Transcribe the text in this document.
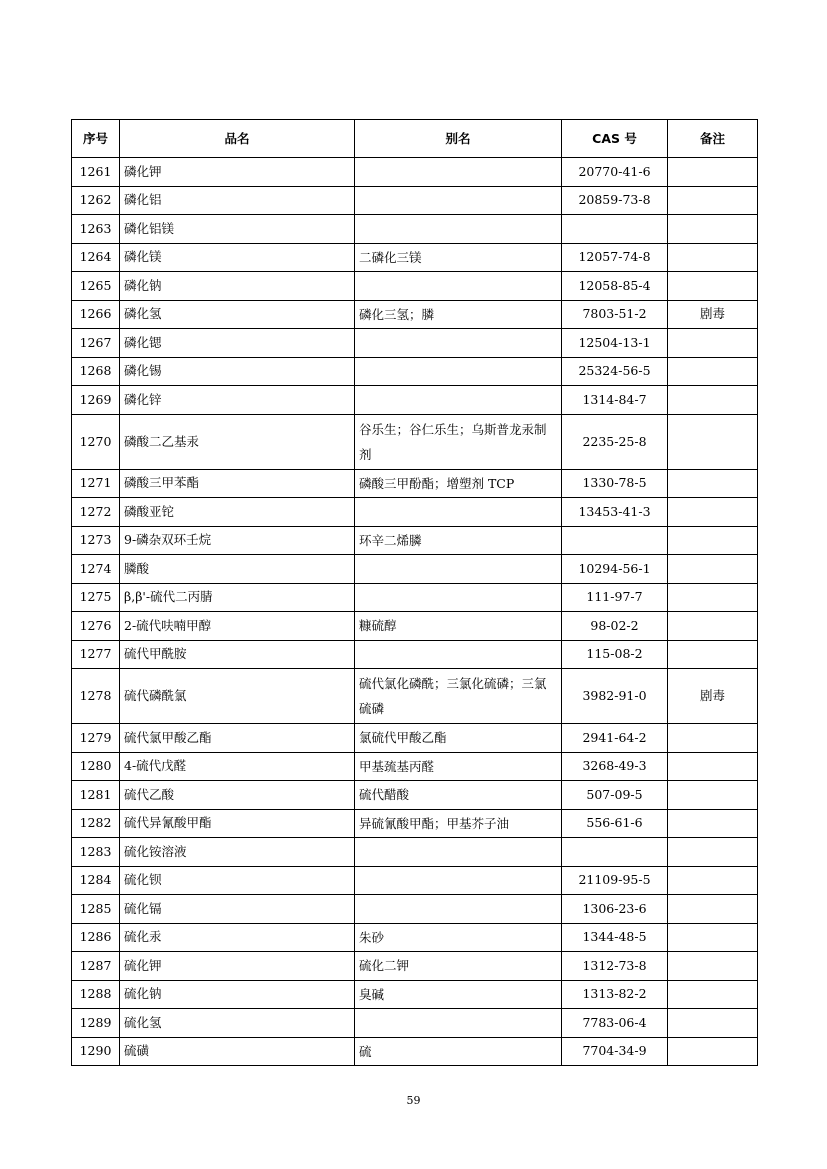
序号	品名	别名	CAS 号	备注
1261	磷化钾		20770-41-6	
1262	磷化铝		20859-73-8	
1263	磷化铝镁			
1264	磷化镁	二磷化三镁	12057-74-8	
1265	磷化钠		12058-85-4	
1266	磷化氢	磷化三氢；膦	7803-51-2	剧毒
1267	磷化锶		12504-13-1	
1268	磷化锡		25324-56-5	
1269	磷化锌		1314-84-7	
1270	磷酸二乙基汞	谷乐生；谷仁乐生；乌斯普龙汞制剂	2235-25-8	
1271	磷酸三甲苯酯	磷酸三甲酚酯；增塑剂 TCP	1330-78-5	
1272	磷酸亚铊		13453-41-3	
1273	9-磷杂双环壬烷	环辛二烯膦		
1274	膦酸		10294-56-1	
1275	β,β'-硫代二丙腈		111-97-7	
1276	2-硫代呋喃甲醇	糠硫醇	98-02-2	
1277	硫代甲酰胺		115-08-2	
1278	硫代磷酰氯	硫代氯化磷酰；三氯化硫磷；三氯硫磷	3982-91-0	剧毒
1279	硫代氯甲酸乙酯	氯硫代甲酸乙酯	2941-64-2	
1280	4-硫代戊醛	甲基巯基丙醛	3268-49-3	
1281	硫代乙酸	硫代醋酸	507-09-5	
1282	硫代异氰酸甲酯	异硫氰酸甲酯；甲基芥子油	556-61-6	
1283	硫化铵溶液			
1284	硫化钡		21109-95-5	
1285	硫化镉		1306-23-6	
1286	硫化汞	朱砂	1344-48-5	
1287	硫化钾	硫化二钾	1312-73-8	
1288	硫化钠	臭碱	1313-82-2	
1289	硫化氢		7783-06-4	
1290	硫磺	硫	7704-34-9	
59
